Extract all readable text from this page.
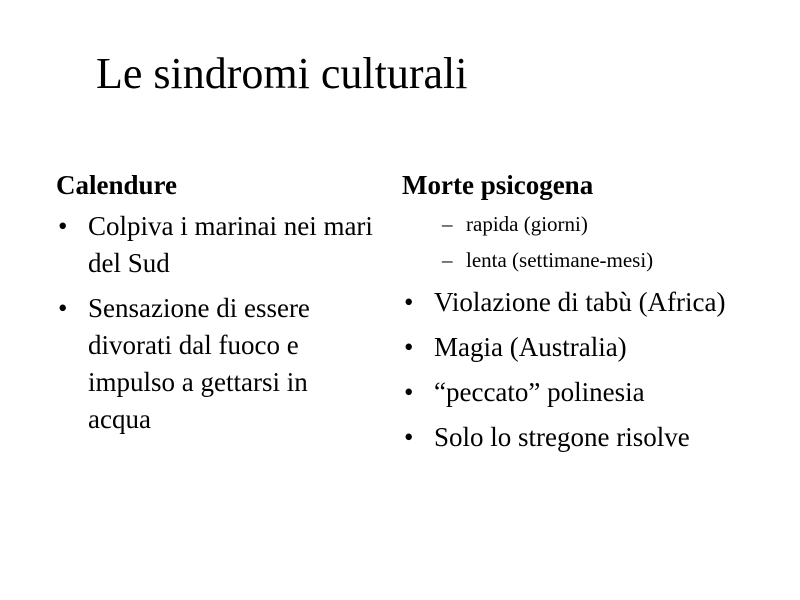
Le sindromi culturali
Calendure
• Colpiva i marinai nei mari del Sud
• Sensazione di essere divorati dal fuoco e impulso a gettarsi in acqua
Morte psicogena
– rapida (giorni)
– lenta (settimane-mesi)
• Violazione di tabù (Africa)
• Magia (Australia)
• “peccato” polinesia
• Solo lo stregone risolve
